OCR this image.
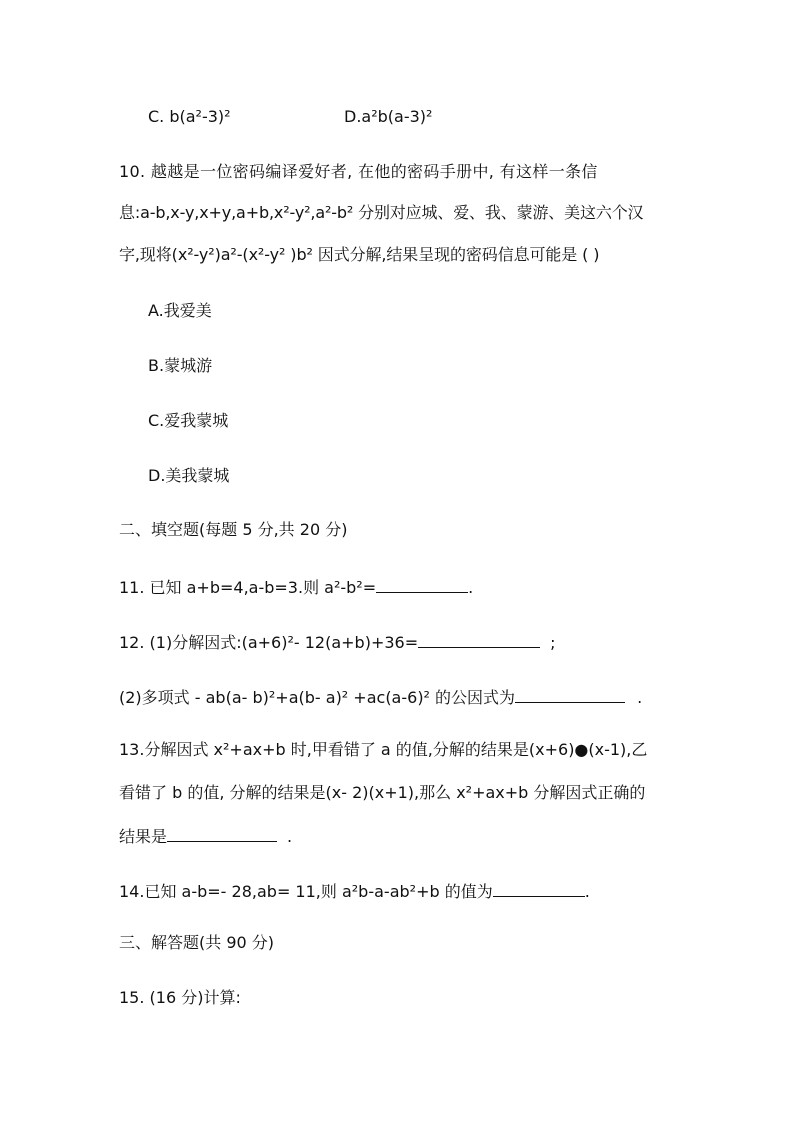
C. b(a²-3)²	D.a²b(a-3)²
10. 越越是一位密码编译爱好者, 在他的密码手册中, 有这样一条信
息:a-b,x-y,x+y,a+b,x²-y²,a²-b² 分别对应城、爱、我、蒙游、美这六个汉
字,现将(x²-y²)a²-(x²-y² )b² 因式分解,结果呈现的密码信息可能是 ( )
A.我爱美
B.蒙城游
C.爱我蒙城
D.美我蒙城
二、填空题(每题 5 分,共 20 分)
11. 已知 a+b=4,a-b=3.则 a²-b²=	.
12. (1)分解因式:(a+6)²- 12(a+b)+36=	;
(2)多项式 - ab(a- b)²+a(b- a)² +ac(a-6)² 的公因式为	.
13.分解因式 x²+ax+b 时,甲看错了 a 的值,分解的结果是(x+6)●(x-1),乙
看错了 b 的值, 分解的结果是(x- 2)(x+1),那么 x²+ax+b 分解因式正确的
结果是	.
14.已知 a-b=- 28,ab= 11,则 a²b-a-ab²+b 的值为	.
三、解答题(共 90 分)
15. (16 分)计算:
